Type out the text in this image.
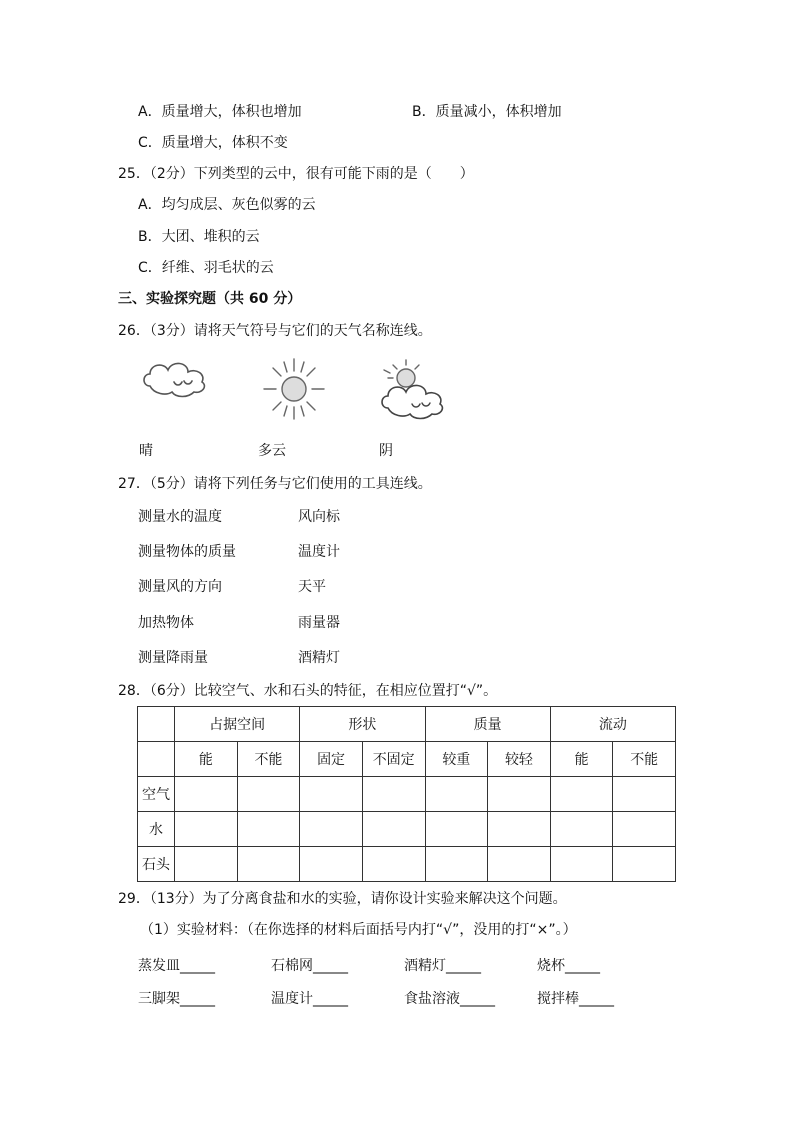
A．质量增大，体积也增加	B．质量减小，体积增加
C．质量增大，体积不变
25．（2分）下列类型的云中，很有可能下雨的是（　　）
A．均匀成层、灰色似雾的云
B．大团、堆积的云
C．纤维、羽毛状的云
三、实验探究题（共 60 分）
26．（3分）请将天气符号与它们的天气名称连线。
晴	多云	阴
27．（5分）请将下列任务与它们使用的工具连线。
测量水的温度	风向标
测量物体的质量	温度计
测量风的方向	天平
加热物体	雨量器
测量降雨量	酒精灯
28．（6分）比较空气、水和石头的特征，在相应位置打“√”。
	占据空间		形状		质量		流动	
	能	不能	固定	不固定	较重	较轻	能	不能
空气								
水								
石头								
29．（13分）为了分离食盐和水的实验，请你设计实验来解决这个问题。
（1）实验材料：（在你选择的材料后面括号内打“√”，没用的打“×”。）
蒸发皿_____	石棉网_____	酒精灯_____	烧杯_____
三脚架_____	温度计_____	食盐溶液_____	搅拌棒_____
